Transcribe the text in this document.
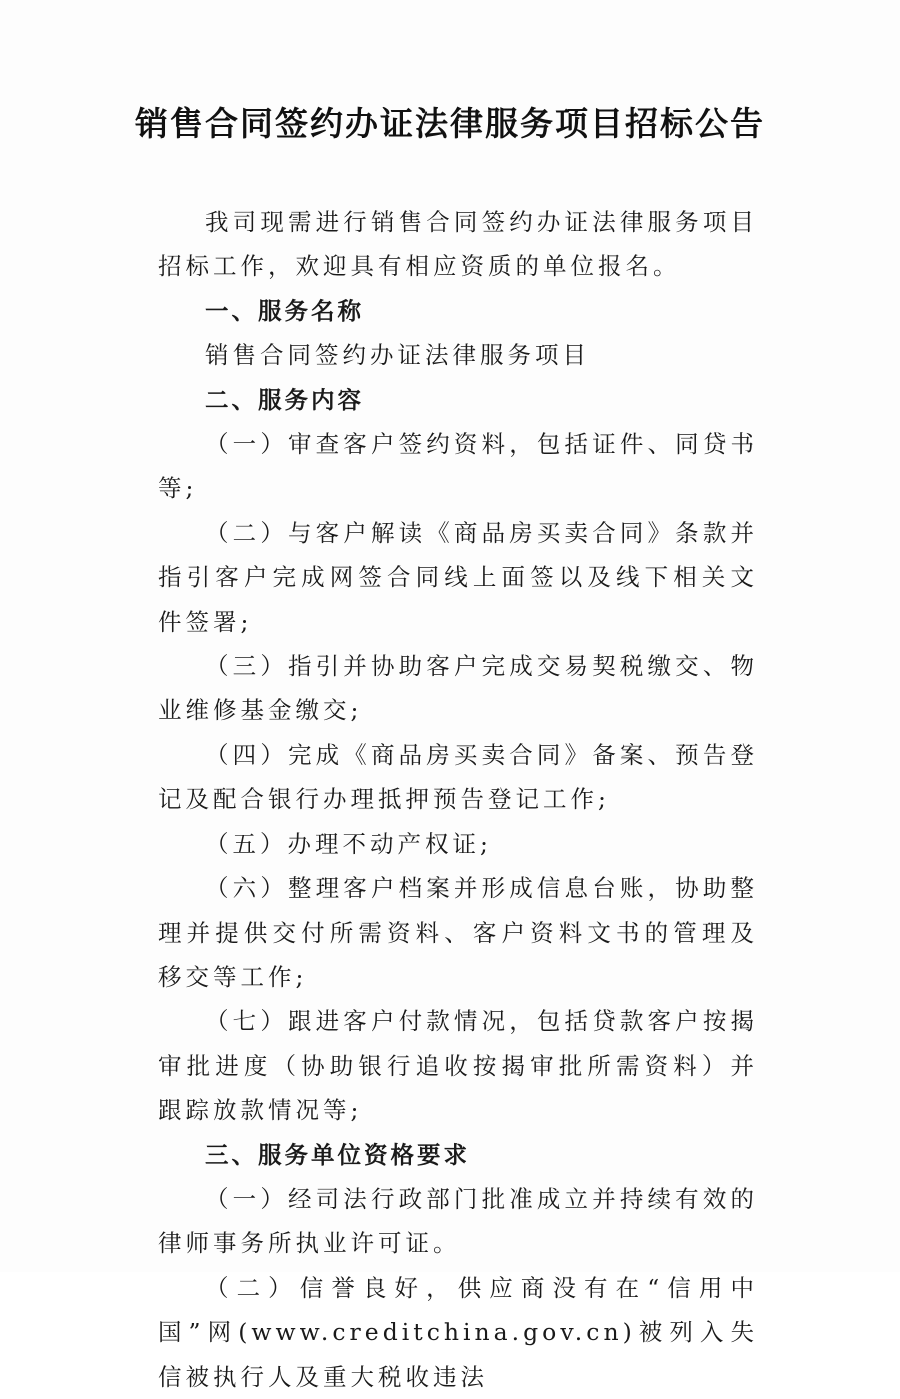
销售合同签约办证法律服务项目招标公告

我司现需进行销售合同签约办证法律服务项目招标工作，欢迎具有相应资质的单位报名。

一、服务名称

销售合同签约办证法律服务项目

二、服务内容

（一）审查客户签约资料，包括证件、同贷书等;

（二）与客户解读《商品房买卖合同》条款并指引客户完成网签合同线上面签以及线下相关文件签署;

（三）指引并协助客户完成交易契税缴交、物业维修基金缴交;

（四）完成《商品房买卖合同》备案、预告登记及配合银行办理抵押预告登记工作;

（五）办理不动产权证;

（六）整理客户档案并形成信息台账，协助整理并提供交付所需资料、客户资料文书的管理及移交等工作;

（七）跟进客户付款情况，包括贷款客户按揭审批进度（协助银行追收按揭审批所需资料）并跟踪放款情况等;

三、服务单位资格要求

（一）经司法行政部门批准成立并持续有效的律师事务所执业许可证。

（二）信誉良好，供应商没有在“信用中国”网(www.creditchina.gov.cn)被列入失信被执行人及重大税收违法
